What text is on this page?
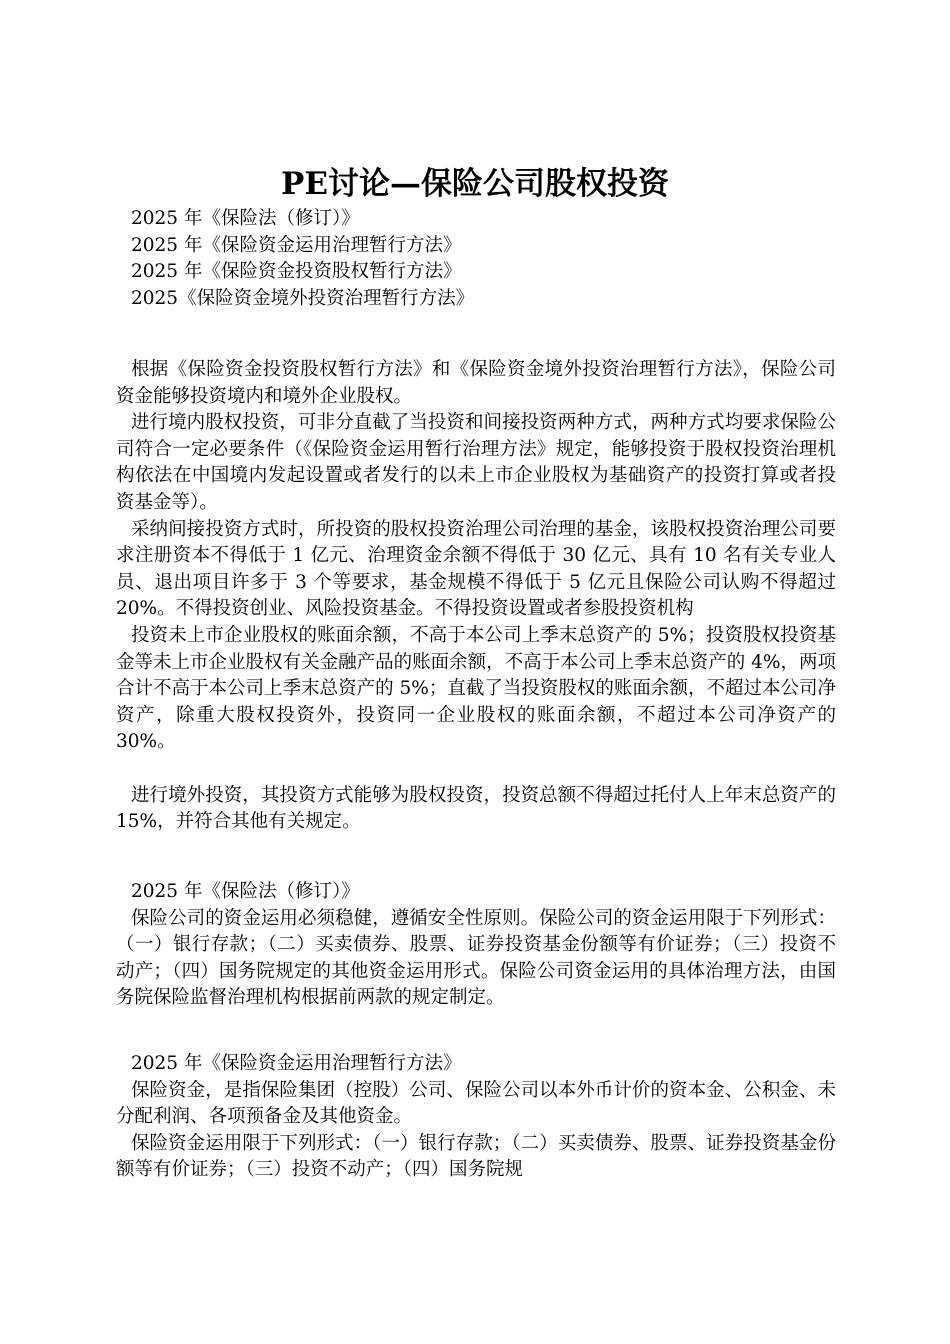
PE讨论—保险公司股权投资
2025 年《保险法（修订）》
2025 年《保险资金运用治理暂行方法》
2025 年《保险资金投资股权暂行方法》
2025《保险资金境外投资治理暂行方法》

根据《保险资金投资股权暂行方法》和《保险资金境外投资治理暂行方法》，保险公司资金能够投资境内和境外企业股权。

进行境内股权投资，可非分直截了当投资和间接投资两种方式，两种方式均要求保险公司符合一定必要条件（《保险资金运用暂行治理方法》规定，能够投资于股权投资治理机构依法在中国境内发起设置或者发行的以未上市企业股权为基础资产的投资打算或者投资基金等）。

采纳间接投资方式时，所投资的股权投资治理公司治理的基金，该股权投资治理公司要求注册资本不得低于 1 亿元、治理资金余额不得低于 30 亿元、具有 10 名有关专业人员、退出项目许多于 3 个等要求，基金规模不得低于 5 亿元且保险公司认购不得超过 20%。不得投资创业、风险投资基金。不得投资设置或者参股投资机构

投资未上市企业股权的账面余额，不高于本公司上季末总资产的 5%；投资股权投资基金等未上市企业股权有关金融产品的账面余额，不高于本公司上季末总资产的 4%，两项合计不高于本公司上季末总资产的 5%；直截了当投资股权的账面余额，不超过本公司净资产，除重大股权投资外，投资同一企业股权的账面余额，不超过本公司净资产的 30%。

进行境外投资，其投资方式能够为股权投资，投资总额不得超过托付人上年末总资产的 15%，并符合其他有关规定。

2025 年《保险法（修订）》

保险公司的资金运用必须稳健，遵循安全性原则。保险公司的资金运用限于下列形式：（一）银行存款；（二）买卖债券、股票、证券投资基金份额等有价证券；（三）投资不动产；（四）国务院规定的其他资金运用形式。保险公司资金运用的具体治理方法，由国务院保险监督治理机构根据前两款的规定制定。

2025 年《保险资金运用治理暂行方法》

保险资金，是指保险集团（控股）公司、保险公司以本外币计价的资本金、公积金、未分配利润、各项预备金及其他资金。

保险资金运用限于下列形式：（一）银行存款；（二）买卖债券、股票、证券投资基金份额等有价证券；（三）投资不动产；（四）国务院规
